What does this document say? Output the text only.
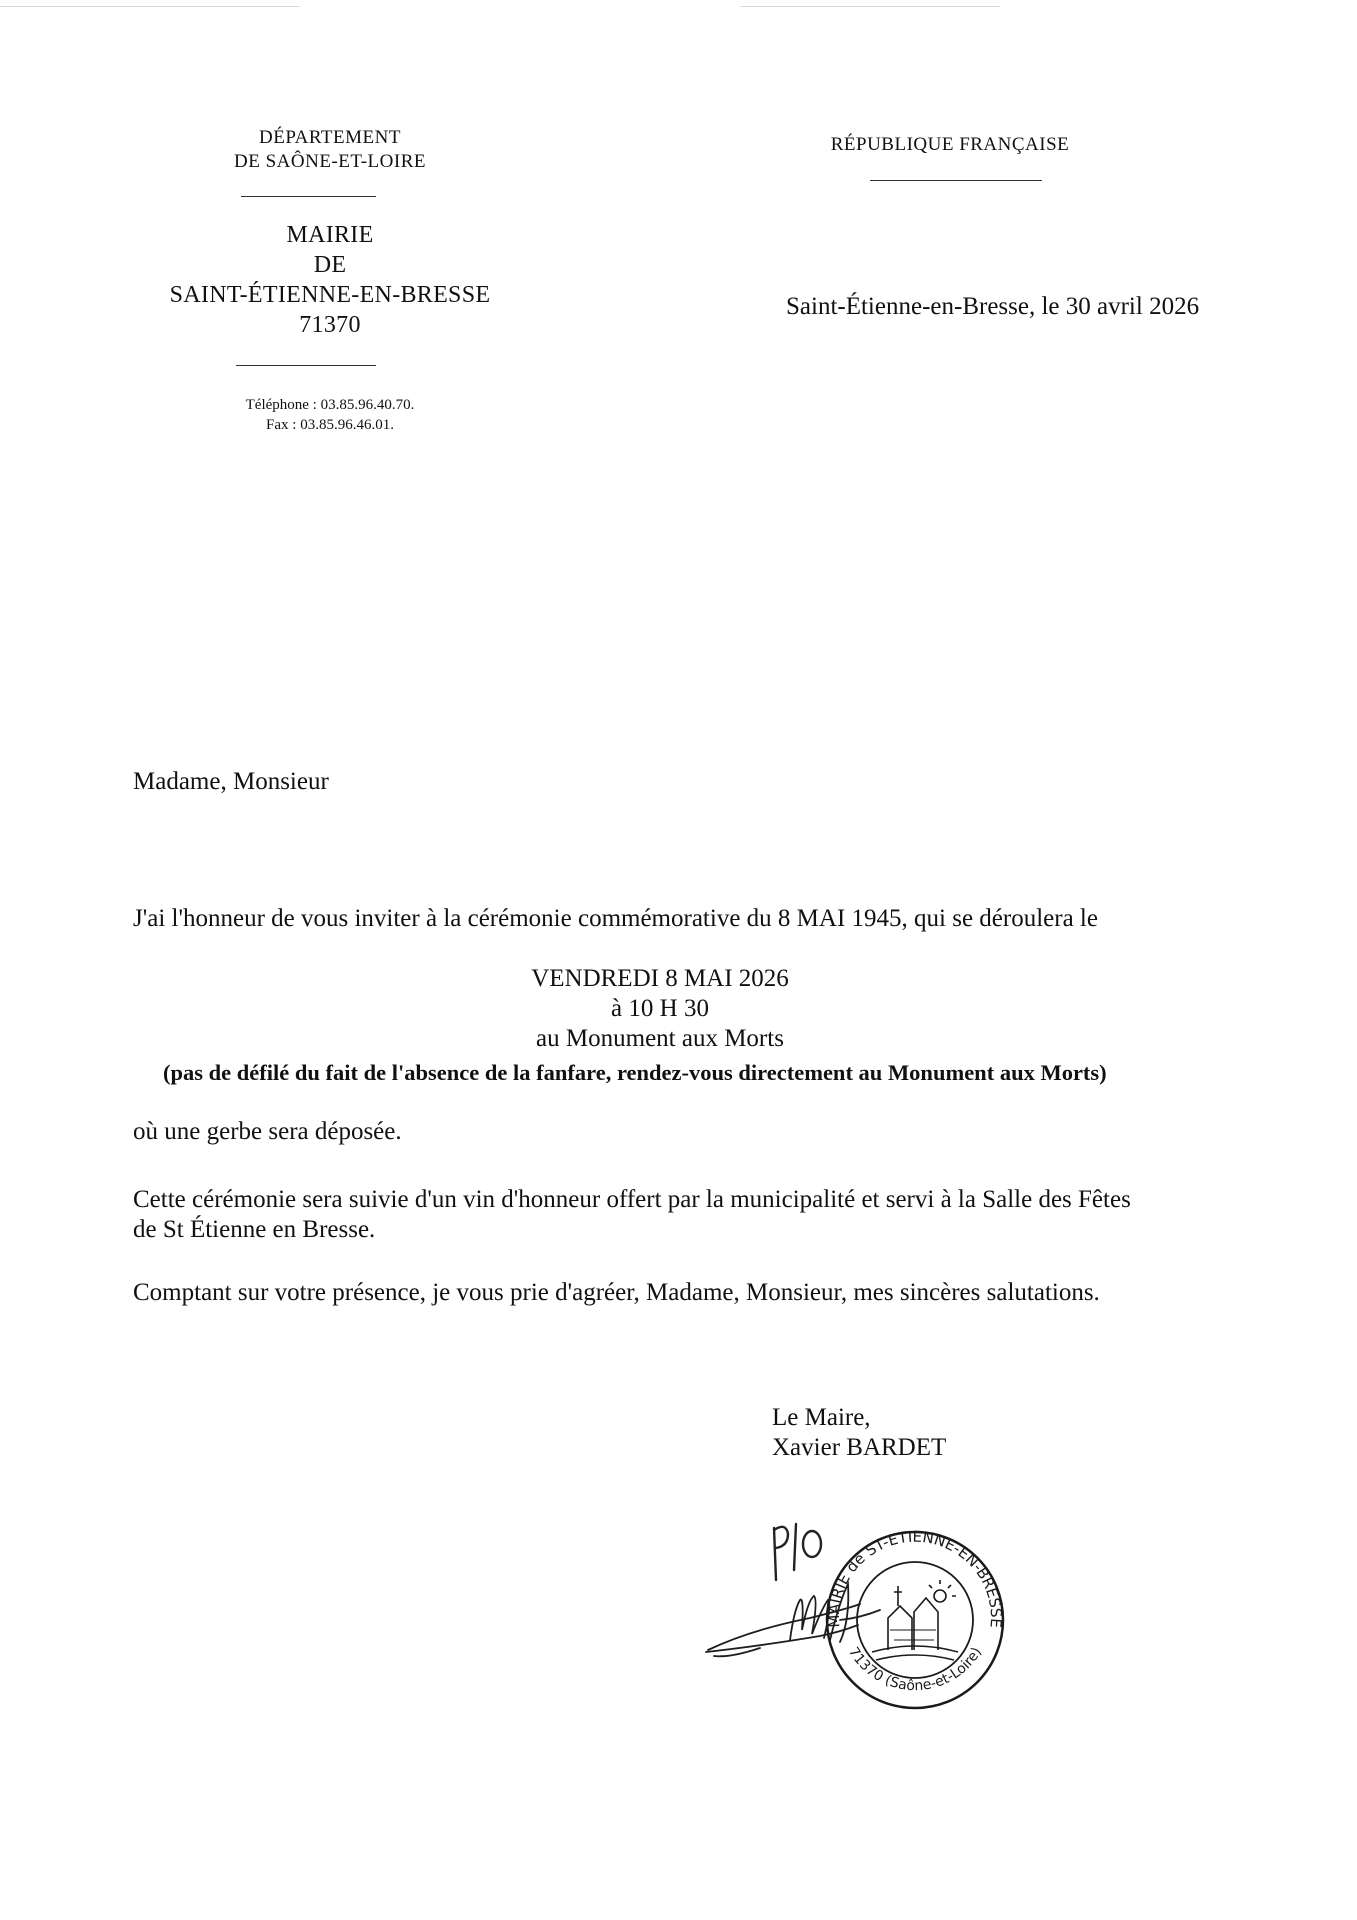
DÉPARTEMENT
DE SAÔNE-ET-LOIRE
MAIRIE
DE
SAINT-ÉTIENNE-EN-BRESSE
71370
Téléphone : 03.85.96.40.70.
Fax : 03.85.96.46.01.
RÉPUBLIQUE FRANÇAISE
Saint-Étienne-en-Bresse, le 30 avril 2026
Madame, Monsieur
J'ai l'honneur de vous inviter à la cérémonie commémorative du 8 MAI 1945, qui se déroulera le
VENDREDI 8 MAI 2026
à 10 H 30
au Monument aux Morts
(pas de défilé du fait de l'absence de la fanfare, rendez-vous directement au Monument aux Morts)
où une gerbe sera déposée.
Cette cérémonie sera suivie d'un vin d'honneur offert par la municipalité et servi à la Salle des Fêtes
de St Étienne en Bresse.
Comptant sur votre présence, je vous prie d'agréer, Madame, Monsieur, mes sincères salutations.
Le Maire,
Xavier BARDET
MAIRIE de ST-ETIENNE-EN-BRESSE
71370 (Saône-et-Loire)
